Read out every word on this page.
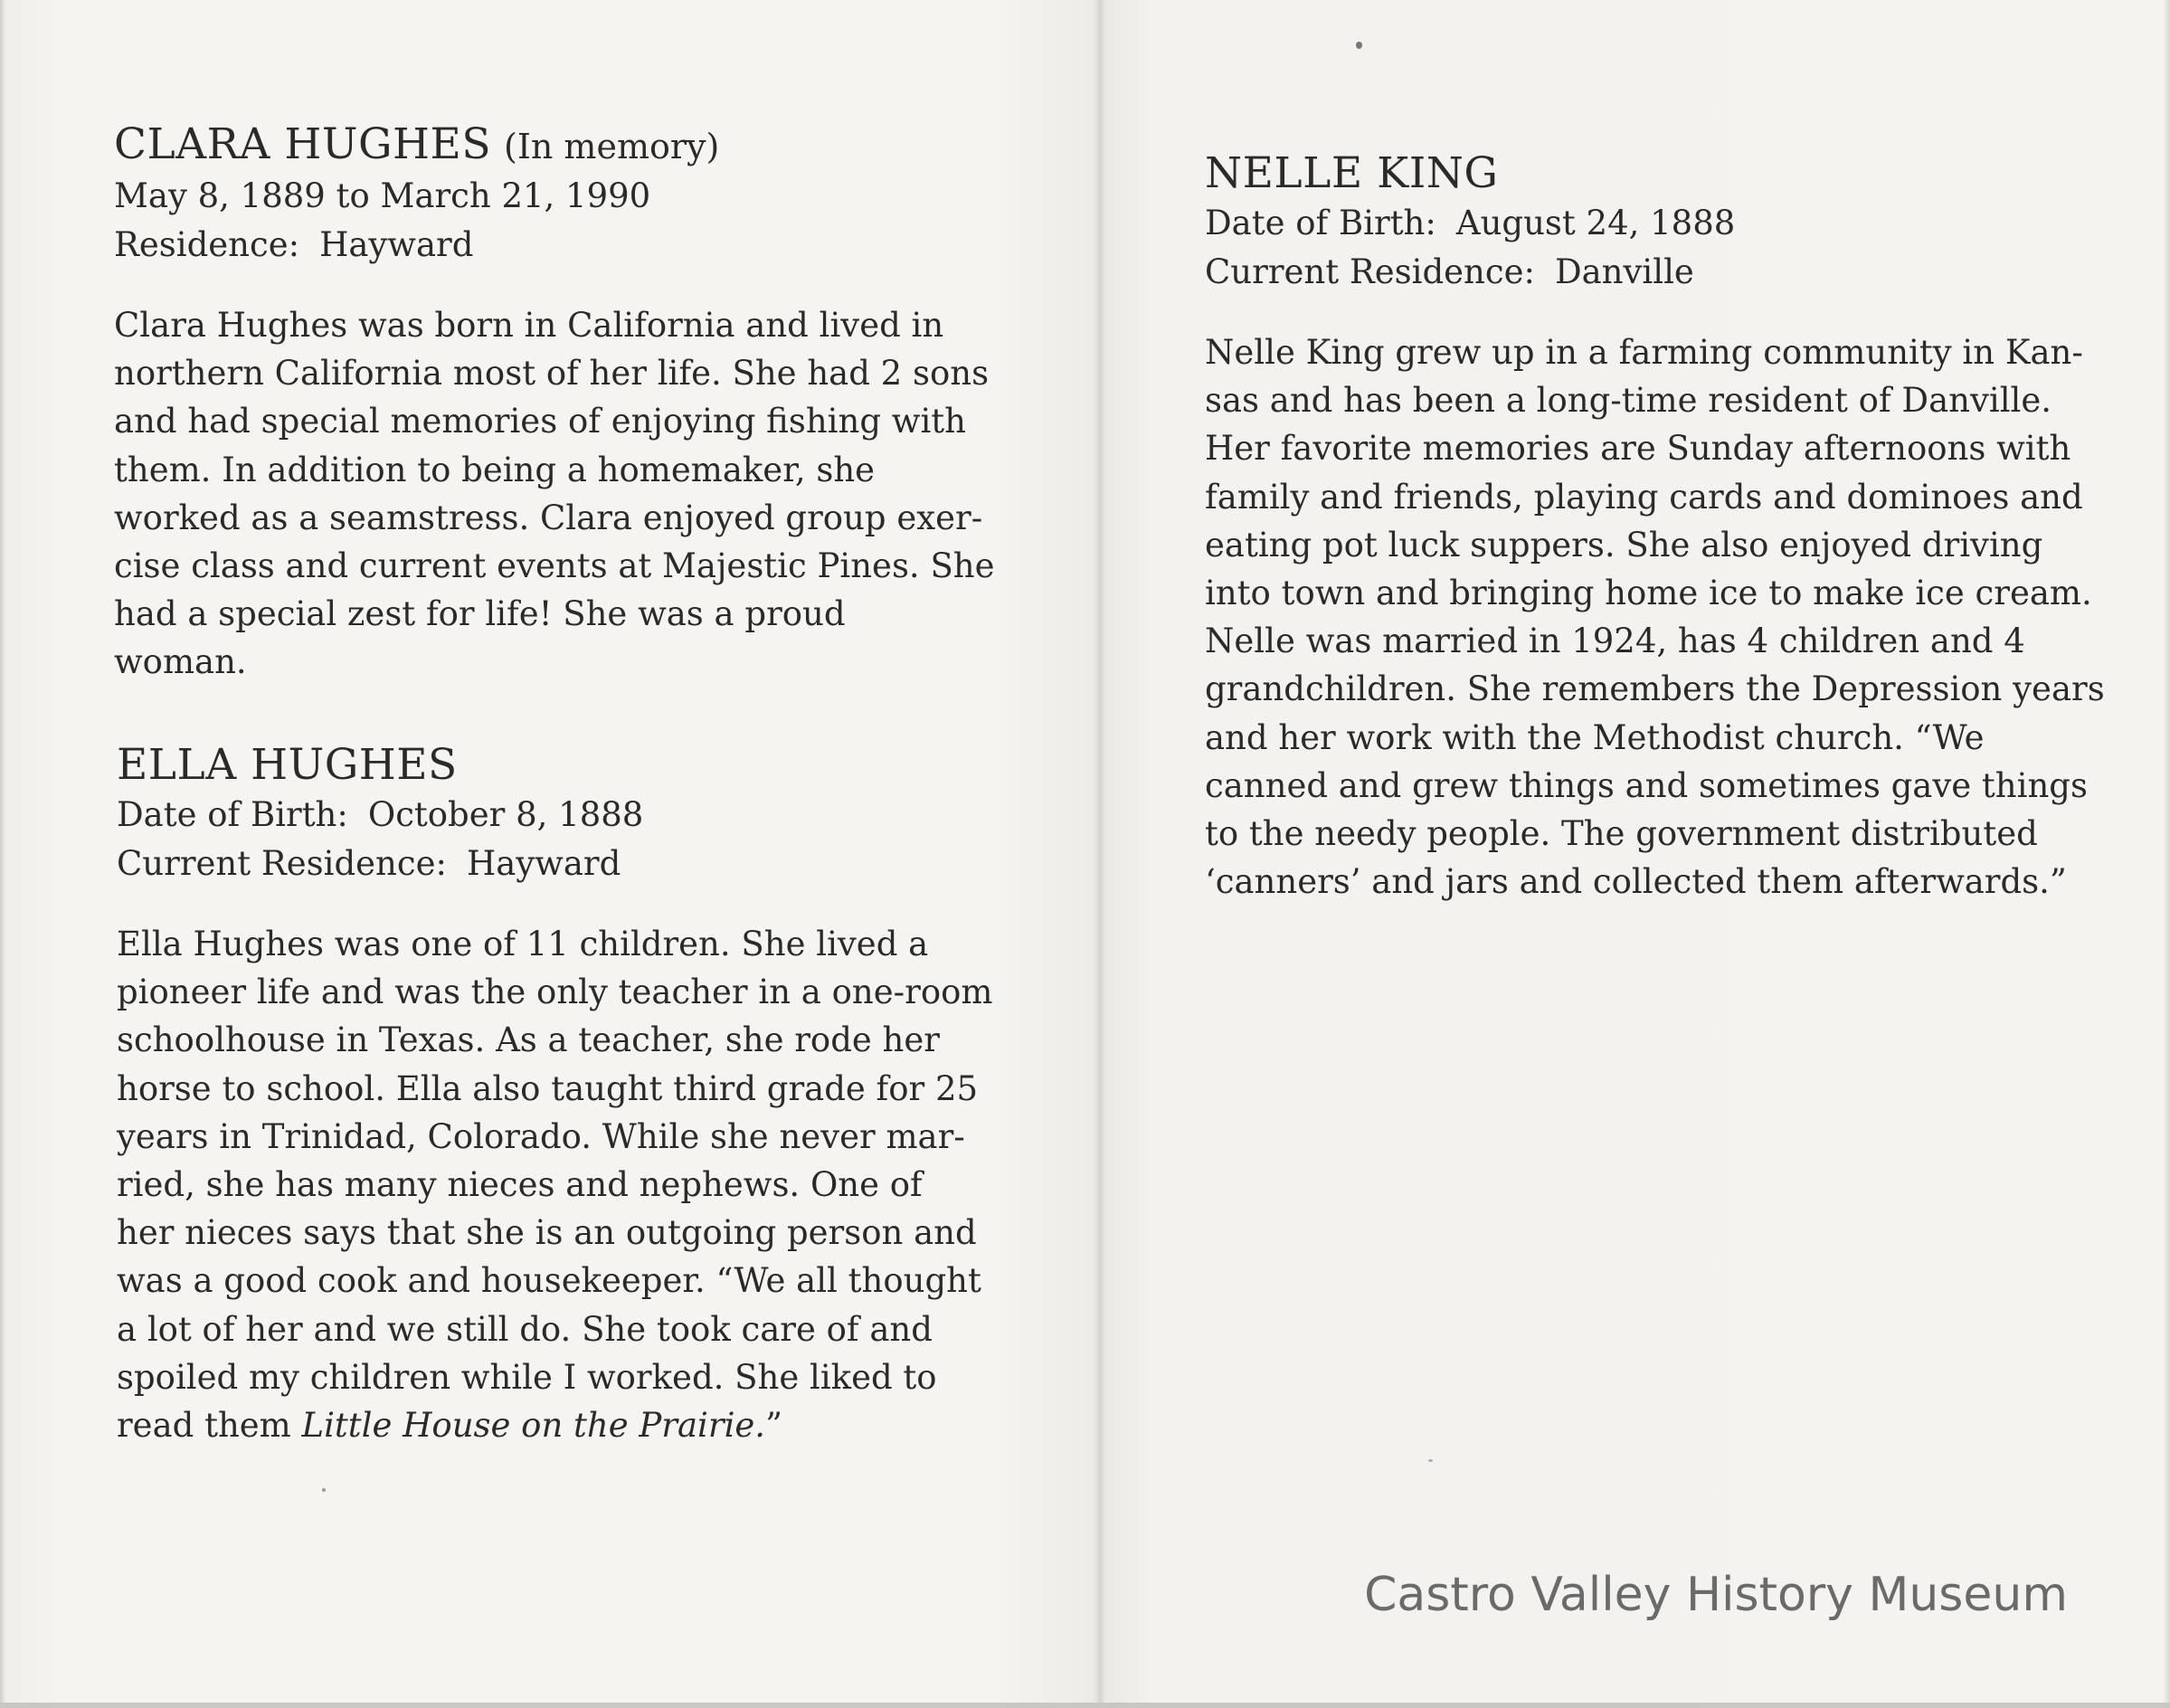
CLARA HUGHES (In memory)
May 8, 1889 to March 21, 1990
Residence: Hayward
Clara Hughes was born in California and lived in
northern California most of her life. She had 2 sons
and had special memories of enjoying fishing with
them. In addition to being a homemaker, she
worked as a seamstress. Clara enjoyed group exer-
cise class and current events at Majestic Pines. She
had a special zest for life! She was a proud
woman.
ELLA HUGHES
Date of Birth: October 8, 1888
Current Residence: Hayward
Ella Hughes was one of 11 children. She lived a
pioneer life and was the only teacher in a one-room
schoolhouse in Texas. As a teacher, she rode her
horse to school. Ella also taught third grade for 25
years in Trinidad, Colorado. While she never mar-
ried, she has many nieces and nephews. One of
her nieces says that she is an outgoing person and
was a good cook and housekeeper. “We all thought
a lot of her and we still do. She took care of and
spoiled my children while I worked. She liked to
read them Little House on the Prairie.”
NELLE KING
Date of Birth: August 24, 1888
Current Residence: Danville
Nelle King grew up in a farming community in Kan-
sas and has been a long-time resident of Danville.
Her favorite memories are Sunday afternoons with
family and friends, playing cards and dominoes and
eating pot luck suppers. She also enjoyed driving
into town and bringing home ice to make ice cream.
Nelle was married in 1924, has 4 children and 4
grandchildren. She remembers the Depression years
and her work with the Methodist church. “We
canned and grew things and sometimes gave things
to the needy people. The government distributed
‘canners’ and jars and collected them afterwards.”
Castro Valley History Museum
